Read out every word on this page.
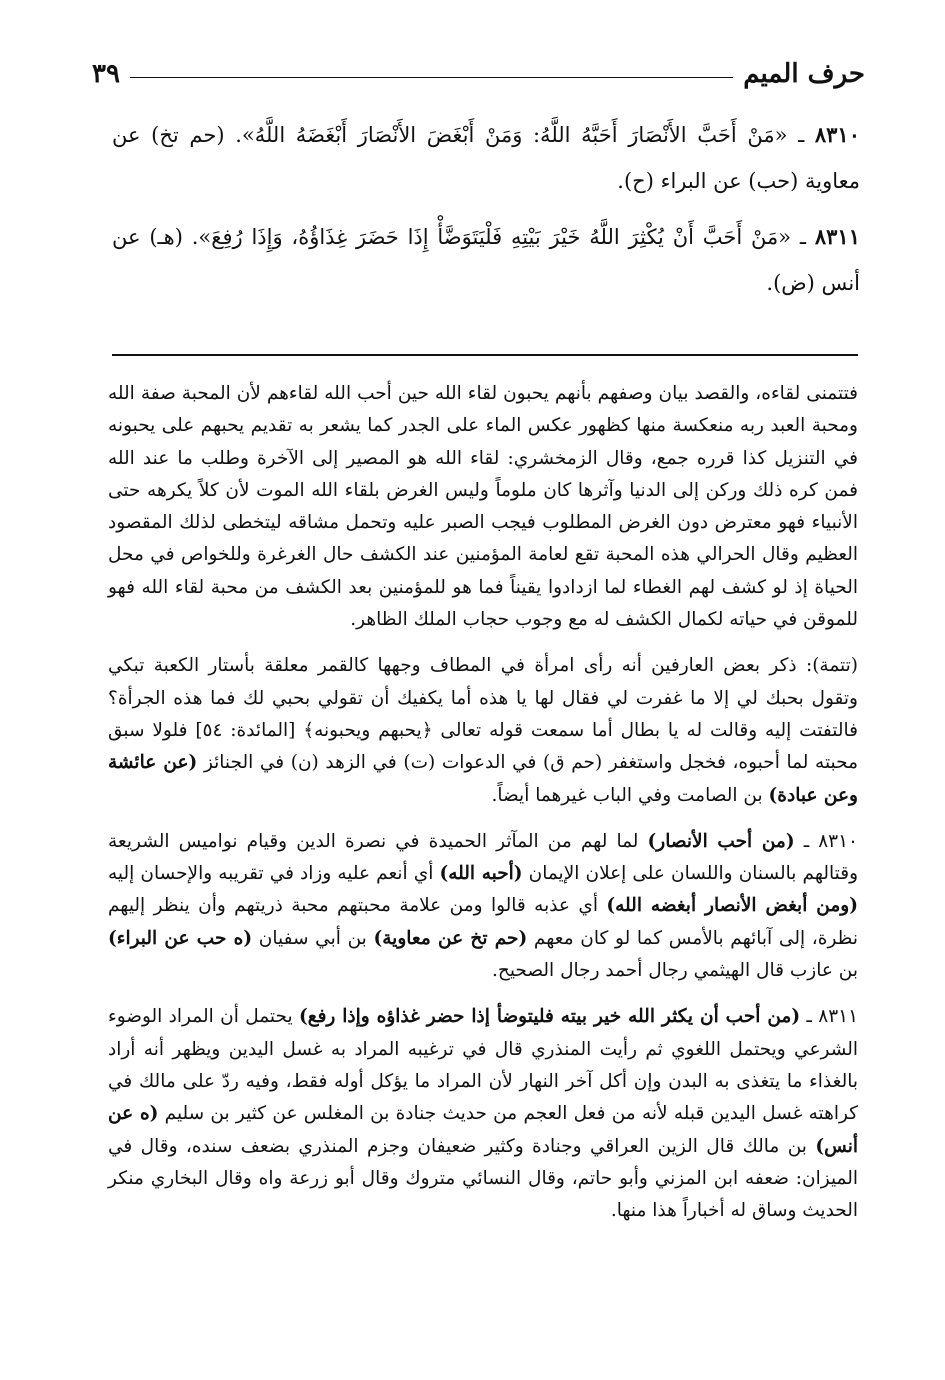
حرف الميم
٣٩

٨٣١٠ ـ «مَنْ أَحَبَّ الأَنْصَارَ أَحَبَّهُ اللَّهُ: وَمَنْ أَبْغَضَ الأَنْصَارَ أَبْغَضَهُ اللَّهُ». (حم تخ) عن معاوية (حب) عن البراء (ح).

٨٣١١ ـ «مَنْ أَحَبَّ أَنْ يُكْثِرَ اللَّهُ خَيْرَ بَيْتِهِ فَلْيَتَوَضَّأْ إِذَا حَضَرَ غِذَاؤُهُ، وَإِذَا رُفِعَ». (هـ) عن أنس (ض).

فتتمنى لقاءه، والقصد بيان وصفهم بأنهم يحبون لقاء الله حين أحب الله لقاءهم لأن المحبة صفة الله ومحبة العبد ربه منعكسة منها كظهور عكس الماء على الجدر كما يشعر به تقديم يحبهم على يحبونه في التنزيل كذا قرره جمع، وقال الزمخشري: لقاء الله هو المصير إلى الآخرة وطلب ما عند الله فمن كره ذلك وركن إلى الدنيا وآثرها كان ملوماً وليس الغرض بلقاء الله الموت لأن كلاً يكرهه حتى الأنبياء فهو معترض دون الغرض المطلوب فيجب الصبر عليه وتحمل مشاقه ليتخطى لذلك المقصود العظيم وقال الحرالي هذه المحبة تقع لعامة المؤمنين عند الكشف حال الغرغرة وللخواص في محل الحياة إذ لو كشف لهم الغطاء لما ازدادوا يقيناً فما هو للمؤمنين بعد الكشف من محبة لقاء الله فهو للموقن في حياته لكمال الكشف له مع وجوب حجاب الملك الظاهر.

(تتمة): ذكر بعض العارفين أنه رأى امرأة في المطاف وجهها كالقمر معلقة بأستار الكعبة تبكي وتقول بحبك لي إلا ما غفرت لي فقال لها يا هذه أما يكفيك أن تقولي بحبي لك فما هذه الجرأة؟ فالتفتت إليه وقالت له يا بطال أما سمعت قوله تعالى ﴿يحبهم ويحبونه﴾ [المائدة: ٥٤] فلولا سبق محبته لما أحبوه، فخجل واستغفر (حم ق) في الدعوات (ت) في الزهد (ن) في الجنائز (عن عائشة وعن عبادة) بن الصامت وفي الباب غيرهما أيضاً.

٨٣١٠ ـ (من أحب الأنصار) لما لهم من المآثر الحميدة في نصرة الدين وقيام نواميس الشريعة وقتالهم بالسنان واللسان على إعلان الإيمان (أحبه الله) أي أنعم عليه وزاد في تقريبه والإحسان إليه (ومن أبغض الأنصار أبغضه الله) أي عذبه قالوا ومن علامة محبتهم محبة ذريتهم وأن ينظر إليهم نظرة، إلى آبائهم بالأمس كما لو كان معهم (حم تخ عن معاوية) بن أبي سفيان (ه حب عن البراء) بن عازب قال الهيثمي رجال أحمد رجال الصحيح.

٨٣١١ ـ (من أحب أن يكثر الله خير بيته فليتوضأ إذا حضر غذاؤه وإذا رفع) يحتمل أن المراد الوضوء الشرعي ويحتمل اللغوي ثم رأيت المنذري قال في ترغيبه المراد به غسل اليدين ويظهر أنه أراد بالغذاء ما يتغذى به البدن وإن أكل آخر النهار لأن المراد ما يؤكل أوله فقط، وفيه ردّ على مالك في كراهته غسل اليدين قبله لأنه من فعل العجم من حديث جنادة بن المغلس عن كثير بن سليم (ه عن أنس) بن مالك قال الزين العراقي وجنادة وكثير ضعيفان وجزم المنذري بضعف سنده، وقال في الميزان: ضعفه ابن المزني وأبو حاتم، وقال النسائي متروك وقال أبو زرعة واه وقال البخاري منكر الحديث وساق له أخباراً هذا منها.
